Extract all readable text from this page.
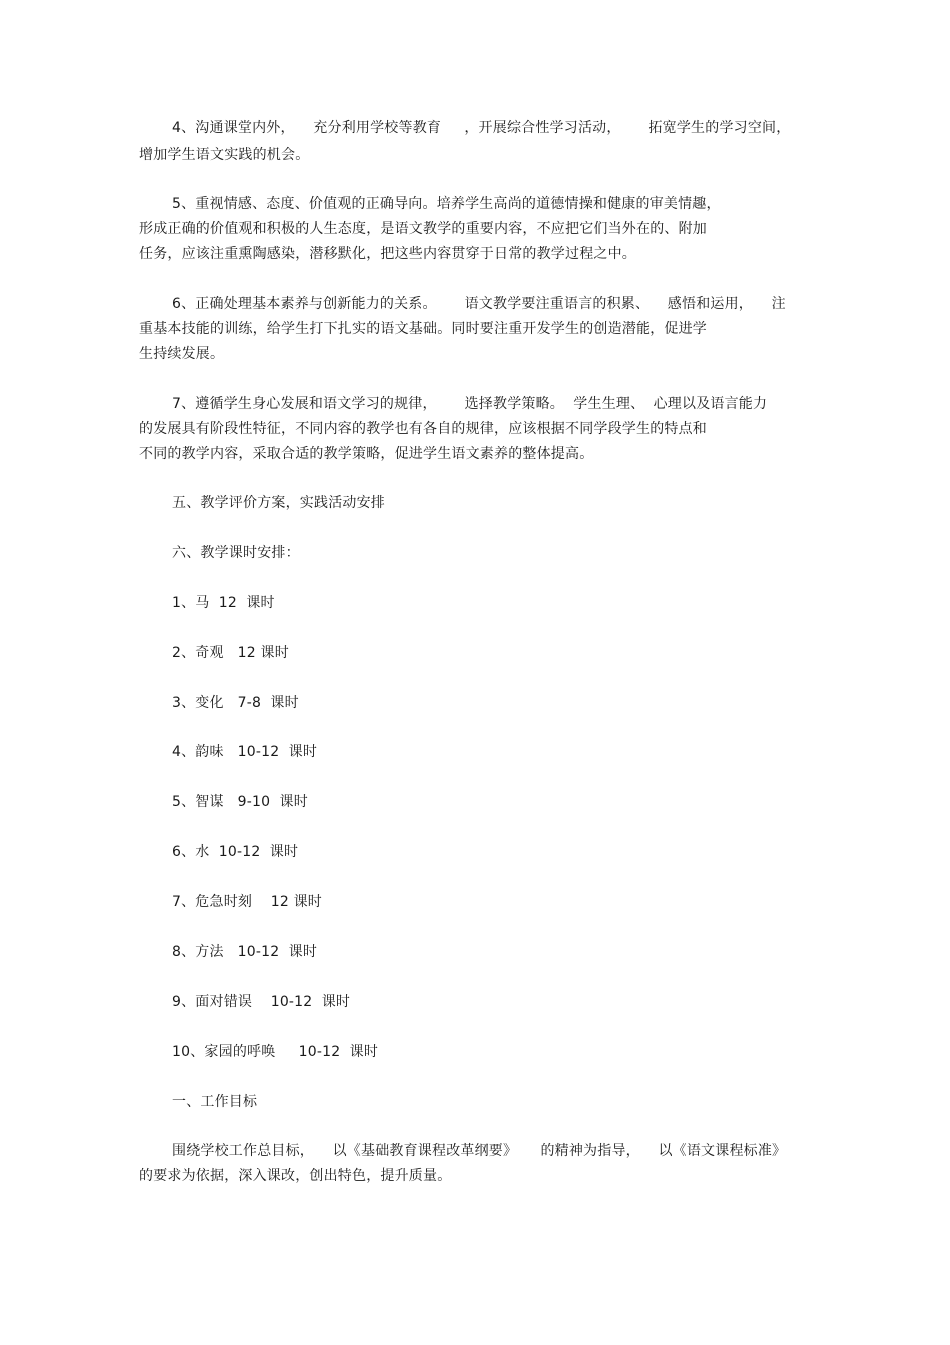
4、沟通课堂内外，    充分利用学校等教育     ，开展综合性学习活动，      拓宽学生的学习空间，
增加学生语文实践的机会。
5、重视情感、态度、价值观的正确导向。培养学生高尚的道德情操和健康的审美情趣，
形成正确的价值观和积极的人生态度，是语文教学的重要内容，不应把它们当外在的、附加
任务，应该注重熏陶感染，潜移默化，把这些内容贯穿于日常的教学过程之中。
6、正确处理基本素养与创新能力的关系。      语文教学要注重语言的积累、    感悟和运用，    注
重基本技能的训练，给学生打下扎实的语文基础。同时要注重开发学生的创造潜能，促进学
生持续发展。
7、遵循学生身心发展和语文学习的规律，      选择教学策略。  学生生理、  心理以及语言能力
的发展具有阶段性特征，不同内容的教学也有各自的规律，应该根据不同学段学生的特点和
不同的教学内容，采取合适的教学策略，促进学生语文素养的整体提高。
五、教学评价方案，实践活动安排
六、教学课时安排：
1、马  12  课时
2、奇观   12 课时
3、变化   7-8  课时
4、韵味   10-12  课时
5、智谋   9-10  课时
6、水  10-12  课时
7、危急时刻    12 课时
8、方法   10-12  课时
9、面对错误    10-12  课时
10、家园的呼唤     10-12  课时
一、工作目标
围绕学校工作总目标，    以《基础教育课程改革纲要》     的精神为指导，    以《语文课程标准》
的要求为依据，深入课改，创出特色，提升质量。
